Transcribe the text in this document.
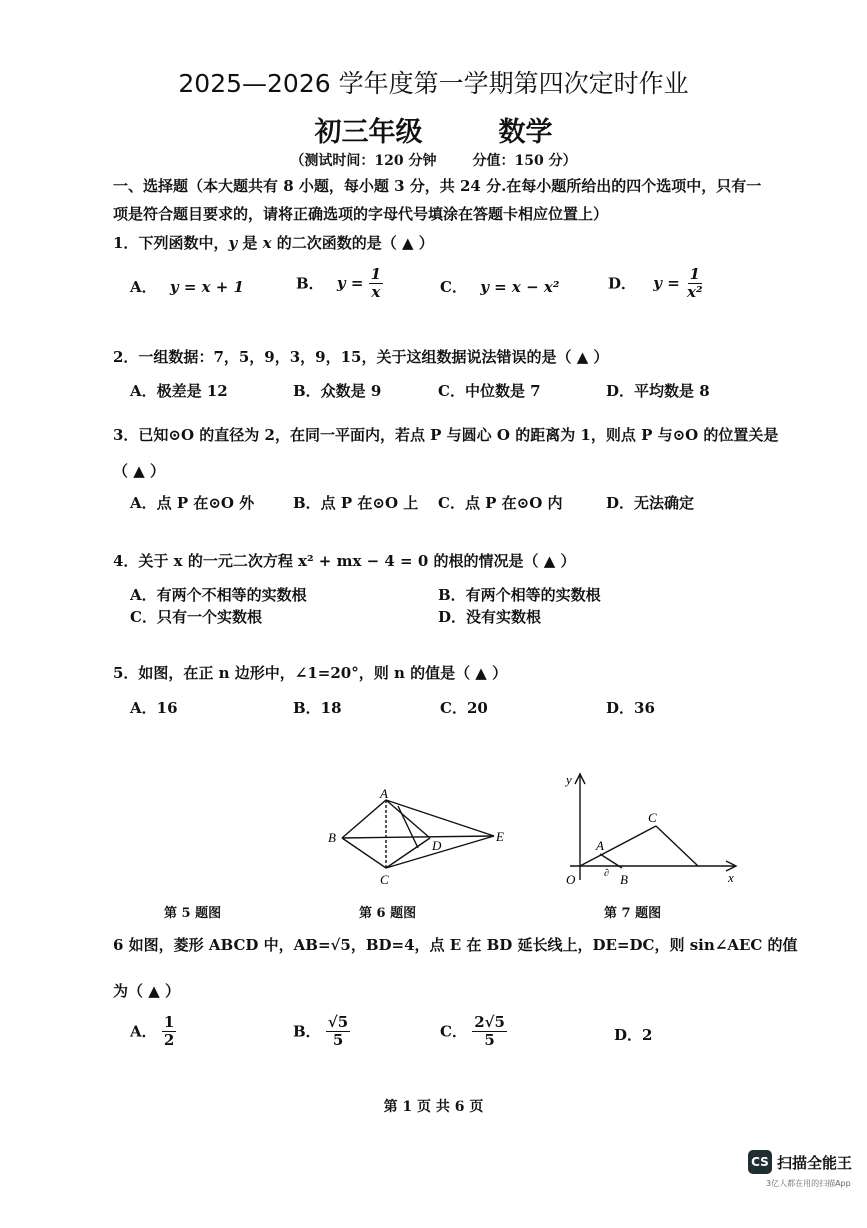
2025—2026 学年度第一学期第四次定时作业
初三年级	数学
（测试时间：120 分钟	分值：150 分）
一、选择题（本大题共有 8 小题，每小题 3 分，共 24 分.在每小题所给出的四个选项中，只有一项是符合题目要求的，请将正确选项的字母代号填涂在答题卡相应位置上）
1．下列函数中，y 是 x 的二次函数的是（ ▲ ）
A． y = x + 1	B． $y = \frac{1}{x}$	C． y = x − x²	D． $y = \frac{1}{\text{x²}}$
2．一组数据：7，5，9，3，9，15，关于这组数据说法错误的是（ ▲ ）
A．极差是 12	B．众数是 9	C．中位数是 7	D．平均数是 8
3．已知⊙O 的直径为 2，在同一平面内，若点 P 与圆心 O 的距离为 1，则点 P 与⊙O 的位置关是
（ ▲ ）
A．点 P 在⊙O 外	B．点 P 在⊙O 上 C．点 P 在⊙O 内	D．无法确定
4．关于 x 的一元二次方程 x² + mx − 4 = 0 的根的情况是（ ▲ ）
A．有两个不相等的实数根	B．有两个相等的实数根
C．只有一个实数根	D．没有实数根
5．如图，在正 n 边形中，∠1=20°，则 n 的值是（ ▲ ）
A．16	B．18	C．20	D．36
A
B
C
D
E
y
x
O
A
B
C
∂
第 5 题图	第 6 题图	第 7 题图
6 如图，菱形 ABCD 中，AB=√5，BD=4，点 E 在 BD 延长线上，DE=DC，则 sin∠AEC 的值
为（ ▲ ）
A． $\frac{1}{2}$	B． $\frac{√5}{5}$	C． $\frac{2√5}{5}$	D．2
第 1 页 共 6 页
CS 扫描全能王
3亿人都在用的扫描App
